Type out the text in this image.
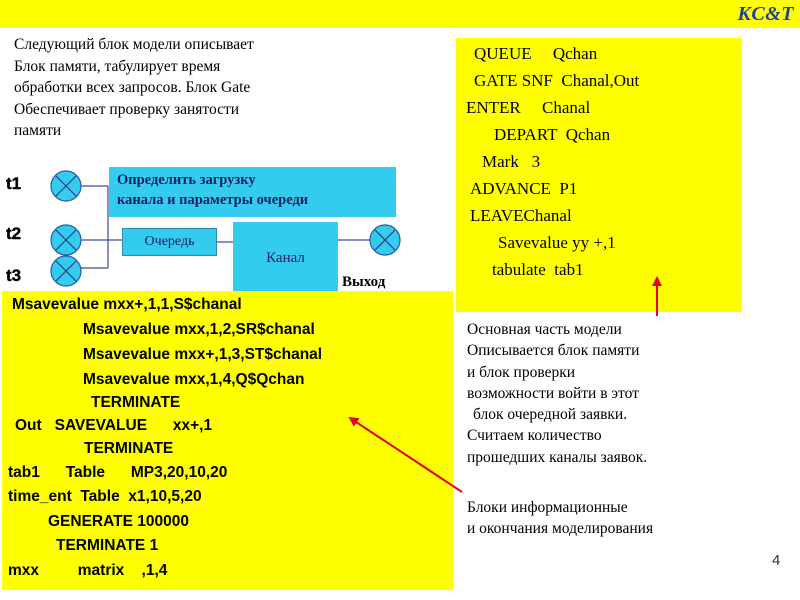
KC&T
Следующий блок модели описывает
Блок памяти, табулирует время
обработки всех запросов. Блок Gate
Обеспечивает проверку занятости
памяти
QUEUE     Qchan
GATE SNF  Chanal,Out
ENTER     Chanal
DEPART  Qchan
Mark   3
ADVANCE  P1
LEAVEChanal
Savevalue yy +,1
tabulate  tab1
Определить загрузку
канала и параметры очереди
t1
t2
t3
Очередь
Канал
Выход
Msavevalue mxx+,1,1,S$chanal
Msavevalue mxx,1,2,SR$chanal
Msavevalue mxx+,1,3,ST$chanal
Msavevalue mxx,1,4,Q$Qchan
TERMINATE
Out   SAVEVALUE      xx+,1
TERMINATE
tab1      Table      MP3,20,10,20
time_ent  Table  x1,10,5,20
GENERATE 100000
TERMINATE 1
mxx         matrix    ,1,4
Основная часть модели
Описывается блок памяти
и блок проверки
возможности войти в этот
блок очередной заявки.
Считаем количество
прошедших каналы заявок.
Блоки информационные
и окончания моделирования
4
